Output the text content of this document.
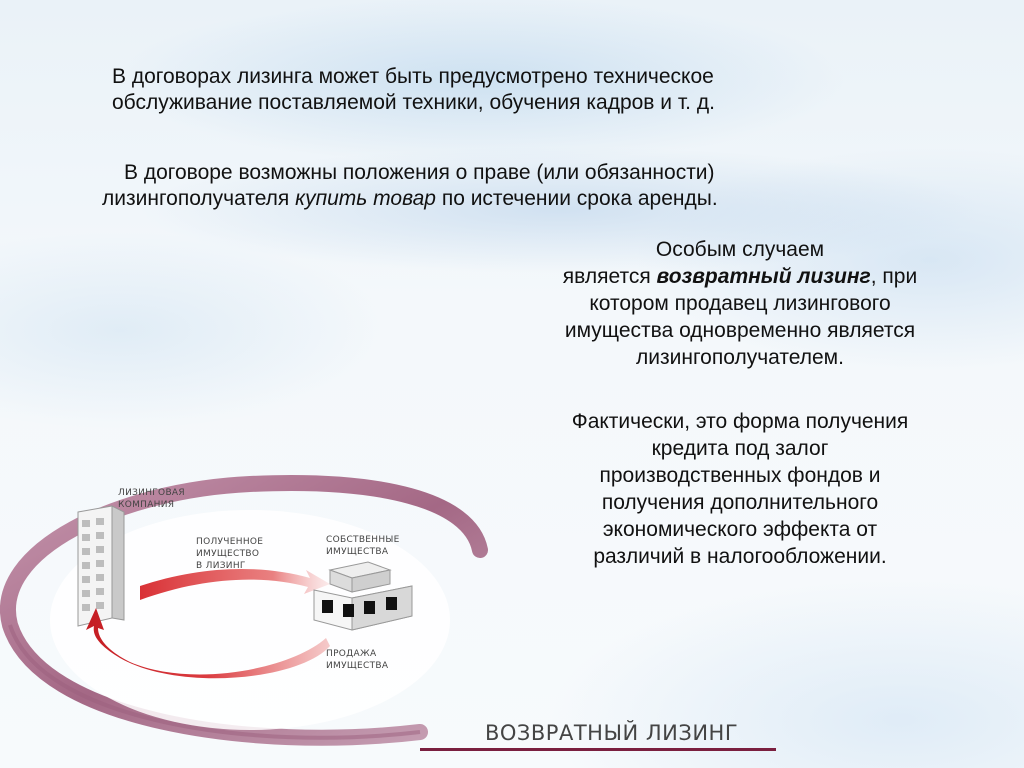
В договорах лизинга может быть предусмотрено техническое
обслуживание поставляемой техники, обучения кадров и т. д.
В договоре возможны положения о праве (или обязанности)
лизингополучателя купить товар по истечении срока аренды.
Особым случаем
является возвратный лизинг, при
котором продавец лизингового
имущества одновременно является
лизингополучателем.
Фактически, это форма получения
кредита под залог
производственных фондов и
получения дополнительного
экономического эффекта от
различий в налогообложении.
ЛИЗИНГОВАЯ
КОМПАНИЯ
ПОЛУЧЕННОЕ
ИМУЩЕСТВО
В ЛИЗИНГ
СОБСТВЕННЫЕ
ИМУЩЕСТВА
ПРОДАЖА
ИМУЩЕСТВА
ВОЗВРАТНЫЙ ЛИЗИНГ
